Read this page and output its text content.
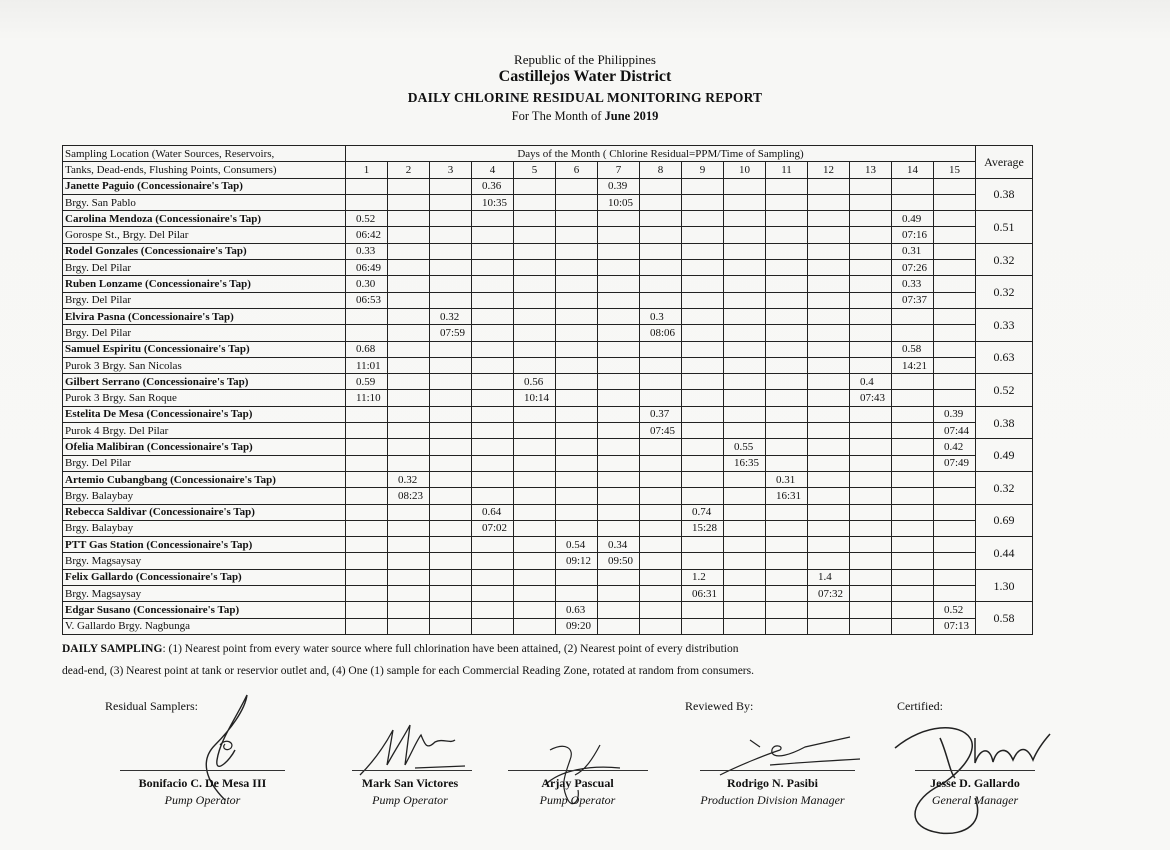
Republic of the Philippines
Castillejos Water District
DAILY CHLORINE RESIDUAL MONITORING REPORT
For The Month of June 2019
Sampling Location (Water Sources, Reservoirs,	Days of the Month ( Chlorine Residual=PPM/Time of Sampling)															Average
Tanks, Dead-ends, Flushing Points, Consumers)	1	2	3	4	5	6	7	8	9	10	11	12	13	14	15	
Janette Paguio (Concessionaire's Tap)				0.36			0.39									0.38
Brgy. San Pablo				10:35			10:05									
Carolina Mendoza (Concessionaire's Tap)	0.52													0.49		0.51
Gorospe St., Brgy. Del Pilar	06:42													07:16		
Rodel Gonzales (Concessionaire's Tap)	0.33													0.31		0.32
Brgy. Del Pilar	06:49													07:26		
Ruben Lonzame (Concessionaire's Tap)	0.30													0.33		0.32
Brgy. Del Pilar	06:53													07:37		
Elvira Pasna (Concessionaire's Tap)			0.32					0.3								0.33
Brgy. Del Pilar			07:59					08:06								
Samuel Espiritu (Concessionaire's Tap)	0.68													0.58		0.63
Purok 3 Brgy. San Nicolas	11:01													14:21		
Gilbert Serrano (Concessionaire's Tap)	0.59				0.56								0.4			0.52
Purok 3 Brgy. San Roque	11:10				10:14								07:43			
Estelita De Mesa (Concessionaire's Tap)								0.37							0.39	0.38
Purok 4 Brgy. Del Pilar								07:45							07:44	
Ofelia Malibiran (Concessionaire's Tap)										0.55					0.42	0.49
Brgy. Del Pilar										16:35					07:49	
Artemio Cubangbang (Concessionaire's Tap)		0.32									0.31					0.32
Brgy. Balaybay		08:23									16:31					
Rebecca Saldivar (Concessionaire's Tap)				0.64					0.74							0.69
Brgy. Balaybay				07:02					15:28							
PTT Gas Station (Concessionaire's Tap)						0.54	0.34									0.44
Brgy. Magsaysay						09:12	09:50									
Felix Gallardo (Concessionaire's Tap)									1.2			1.4				1.30
Brgy. Magsaysay									06:31			07:32				
Edgar Susano (Concessionaire's Tap)						0.63									0.52	0.58
V. Gallardo Brgy. Nagbunga						09:20									07:13	
DAILY SAMPLING: (1) Nearest point from every water source where full chlorination have been attained, (2) Nearest point of every distribution
dead-end, (3) Nearest point at tank or reservior outlet and, (4) One (1) sample for each Commercial Reading Zone, rotated at random from consumers.
Residual Samplers:	Reviewed By:	Certified:
Bonifacio C. De Mesa III
Pump Operator
Mark San Victores
Pump Operator
Arjay Pascual
Pump Operator
Rodrigo N. Pasibi
Production Division Manager
Jesse D. Gallardo
General Manager
